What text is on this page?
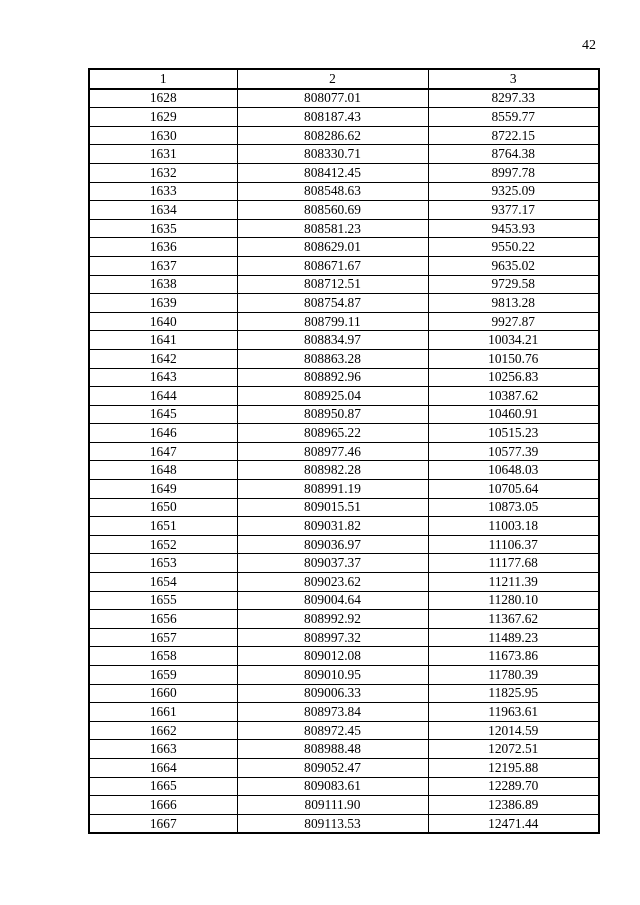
42
1	2	3
1628	808077.01	8297.33
1629	808187.43	8559.77
1630	808286.62	8722.15
1631	808330.71	8764.38
1632	808412.45	8997.78
1633	808548.63	9325.09
1634	808560.69	9377.17
1635	808581.23	9453.93
1636	808629.01	9550.22
1637	808671.67	9635.02
1638	808712.51	9729.58
1639	808754.87	9813.28
1640	808799.11	9927.87
1641	808834.97	10034.21
1642	808863.28	10150.76
1643	808892.96	10256.83
1644	808925.04	10387.62
1645	808950.87	10460.91
1646	808965.22	10515.23
1647	808977.46	10577.39
1648	808982.28	10648.03
1649	808991.19	10705.64
1650	809015.51	10873.05
1651	809031.82	11003.18
1652	809036.97	11106.37
1653	809037.37	11177.68
1654	809023.62	11211.39
1655	809004.64	11280.10
1656	808992.92	11367.62
1657	808997.32	11489.23
1658	809012.08	11673.86
1659	809010.95	11780.39
1660	809006.33	11825.95
1661	808973.84	11963.61
1662	808972.45	12014.59
1663	808988.48	12072.51
1664	809052.47	12195.88
1665	809083.61	12289.70
1666	809111.90	12386.89
1667	809113.53	12471.44
